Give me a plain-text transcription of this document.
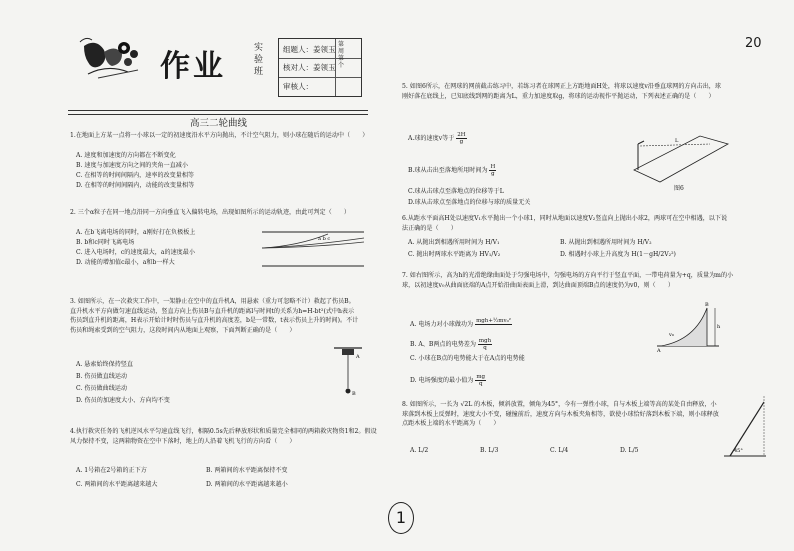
作业
实验班
组题人：姜领玉
核对人：姜领玉
审核人：
第 周 第 个
20
高三二轮曲线
1.在地面上方某一点将一小球以一定的初速度沿水平方向抛出，不计空气阻力，则小球在随后的运动中（　　）
A. 速度和加速度的方向都在不断变化
B. 速度与加速度方向之间的夹角一直减小
C. 在相等的时间间隔内，速率的改变量相等
D. 在相等的时间间隔内，动能的改变量相等
2. 三个α粒子在同一地点沿同一方向垂直飞入偏转电场，出现如图所示的运动轨迹，由此可判定（　　）
A. 在b飞离电场的同时，a刚好打在负极板上
B. b和c同时飞离电场
C. 进入电场时，c的速度最大，a的速度最小
D. 动能的增加值c最小，a和b一样大
a b c
3. 如图所示，在一次救灾工作中，一架静止在空中的直升机A，用悬索（重力可忽略不计）救起了伤员B。直升机水平方向做匀速直线运动，竖直方向上伤员B与直升机的距离l与时间t的关系为h=H-bt²(式中h表示伤员到直升机的距离，H表示开始计时时伤员与直升机的高度差，b是一常数，t表示伤员上升的时间)。不计伤员和绳索受到的空气阻力，这段时间内从地面上观察，下面判断正确的是（　　）
A. 悬索始终保持竖直
B. 伤员做直线运动
C. 伤员做曲线运动
D. 伤员的加速度大小、方向均不变
A
B
4.执行救灾任务的飞机逆风水平匀速直线飞行，相隔0.5s先后释放形状和质量完全相同的两箱救灾物资1和2。假设风力保持不变，这两箱物资在空中下落时，地上的人沿着飞机飞行的方向看（　　）
A. 1号箱在2号箱的正下方	B. 两箱间的水平距离保持不变
C. 两箱间的水平距离越来越大	D. 两箱间的水平距离越来越小
5. 如图6所示，在网球的网前截击练习中，若练习者在球网正上方距地面H处，将球以速度v沿垂直球网的方向击出，球刚好落在底线上，已知底线到网的距离为L，重力加速度取g，将球的运动视作平抛运动，下列表述正确的是（　　）
A.球的速度v等于 $\frac{2H}{g}$
B.球从击出至落地所用时间为 $\frac{H}{g}$
C.球从击球点至落地点的位移等于L
D.球从击球点至落地点的位移与球的质量无关
L
图6
6.从距水平面高H处以速度V₁水平抛出一个小球1，同时从地面以速度V₂竖直向上抛出小球2，两球可在空中相遇，以下说法正确的是（　　）
A. 从抛出到相遇所用时间为 H/V₁	B. 从抛出到相遇所用时间为 H/V₂
C. 抛出时两球水平距离为 HV₁/V₂	D. 相遇时小球上升高度为 H(1－gH/2V₂²)
7. 如右图所示，高为h的光滑绝缘曲面处于匀强电场中，匀强电场的方向平行于竖直平面，一带电荷量为+q，质量为m的小球，以初速度v₀从曲面底端的A点开始沿曲面表面上滑，到达曲面顶端B点的速度仍为v0，则（　　）
A. 电场力对小球做功为 mgh+½mv₀²

B. A、B两点的电势差为 $\frac{\text{mgh}}{q}$
C. 小球在B点的电势能大于在A点的电势能
D. 电场强度的最小值为 $\frac{mg}{q}$
h
B
A
v₀
8. 如图所示，一长为 √2L 的木板，倾斜放置，倾角为45°，今有一弹性小球，自与木板上端等高的某处自由释放，小球落到木板上反弹时，速度大小不变，碰撞前后，速度方向与木板夹角相等，欲使小球恰好落到木板下端，则小球释放点距木板上端的水平距离为（　　）
A. L/2	B. L/3	C. L/4	D. L/5	45°
1
